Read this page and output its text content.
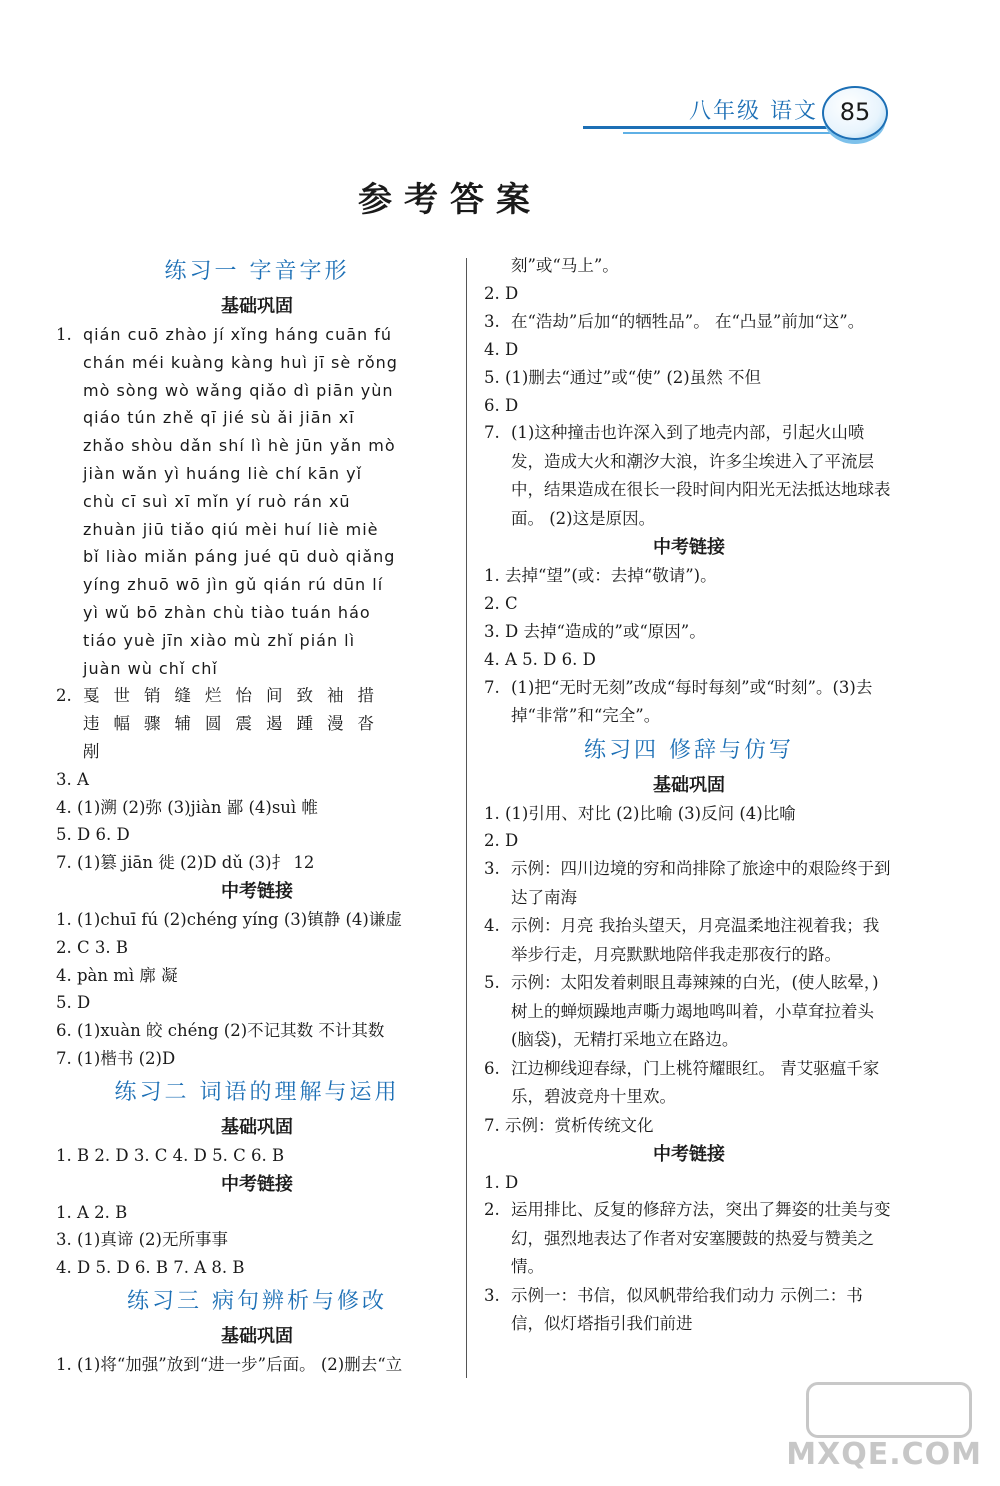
八年级 语文 85
参考答案
练习一 字音字形
基础巩固
1. qián cuō zhào jí xǐng háng cuān fú
chán méi kuàng kàng huì jī sè rǒng
mò sòng wò wǎng qiǎo dì piān yùn
qiáo tún zhě qī jié sù ǎi jiān xī
zhǎo shòu dǎn shí lì hè jūn yǎn mò
jiàn wǎn yì huáng liè chí kān yǐ
chù cī suì xī mǐn yí ruò rán xū
zhuàn jiū tiǎo qiú mèi huí liè miè
bǐ liào miǎn páng jué qū duò qiǎng
yíng zhuō wō jìn gǔ qián rú dūn lí
yì wǔ bō zhàn chù tiào tuán háo
tiáo yuè jīn xiào mù zhǐ pián lì
juàn wù chǐ chǐ
2. 戛世销缝烂怡间致袖措
违幅骤辅圆震遏踵漫沓
剐
3. A
4. (1)溯 (2)弥 (3)jiàn 鄙 (4)suì 帷
5. D 6. D
7. (1)篡 jiān 徙 (2)D dǔ (3)扌 12
中考链接
1. (1)chuī fú (2)chéng yíng (3)镇静 (4)谦虚
2. C 3. B
4. pàn mì 廓 凝
5. D
6. (1)xuàn 皎 chéng (2)不记其数 不计其数
7. (1)楷书 (2)D
练习二 词语的理解与运用
基础巩固
1. B 2. D 3. C 4. D 5. C 6. B
中考链接
1. A 2. B
3. (1)真谛 (2)无所事事
4. D 5. D 6. B 7. A 8. B
练习三 病句辨析与修改
基础巩固
1. (1)将“加强”放到“进一步”后面。 (2)删去“立
刻”或“马上”。
2. D
3. 在“浩劫”后加“的牺牲品”。 在“凸显”前加“这”。
4. D
5. (1)删去“通过”或“使” (2)虽然 不但
6. D
7. (1)这种撞击也许深入到了地壳内部，引起火山喷发，造成大火和潮汐大浪，许多尘埃进入了平流层中，结果造成在很长一段时间内阳光无法抵达地球表面。 (2)这是原因。
中考链接
1. 去掉“望”(或：去掉“敬请”)。
2. C
3. D 去掉“造成的”或“原因”。
4. A 5. D 6. D
7. (1)把“无时无刻”改成“每时每刻”或“时刻”。(3)去掉“非常”和“完全”。
练习四 修辞与仿写
基础巩固
1. (1)引用、对比 (2)比喻 (3)反问 (4)比喻
2. D
3. 示例：四川边境的穷和尚排除了旅途中的艰险终于到达了南海
4. 示例：月亮 我抬头望天，月亮温柔地注视着我；我举步行走，月亮默默地陪伴我走那夜行的路。
5. 示例：太阳发着刺眼且毒辣辣的白光，(使人眩晕，)树上的蝉烦躁地声嘶力竭地鸣叫着，小草耷拉着头(脑袋)，无精打采地立在路边。
6. 江边柳线迎春绿，门上桃符耀眼红。 青艾驱瘟千家乐，碧波竞舟十里欢。
7. 示例：赏析传统文化
中考链接
1. D
2. 运用排比、反复的修辞方法，突出了舞姿的壮美与变幻，强烈地表达了作者对安塞腰鼓的热爱与赞美之情。
3. 示例一：书信，似风帆带给我们动力 示例二：书信，似灯塔指引我们前进
MXQE.COM
